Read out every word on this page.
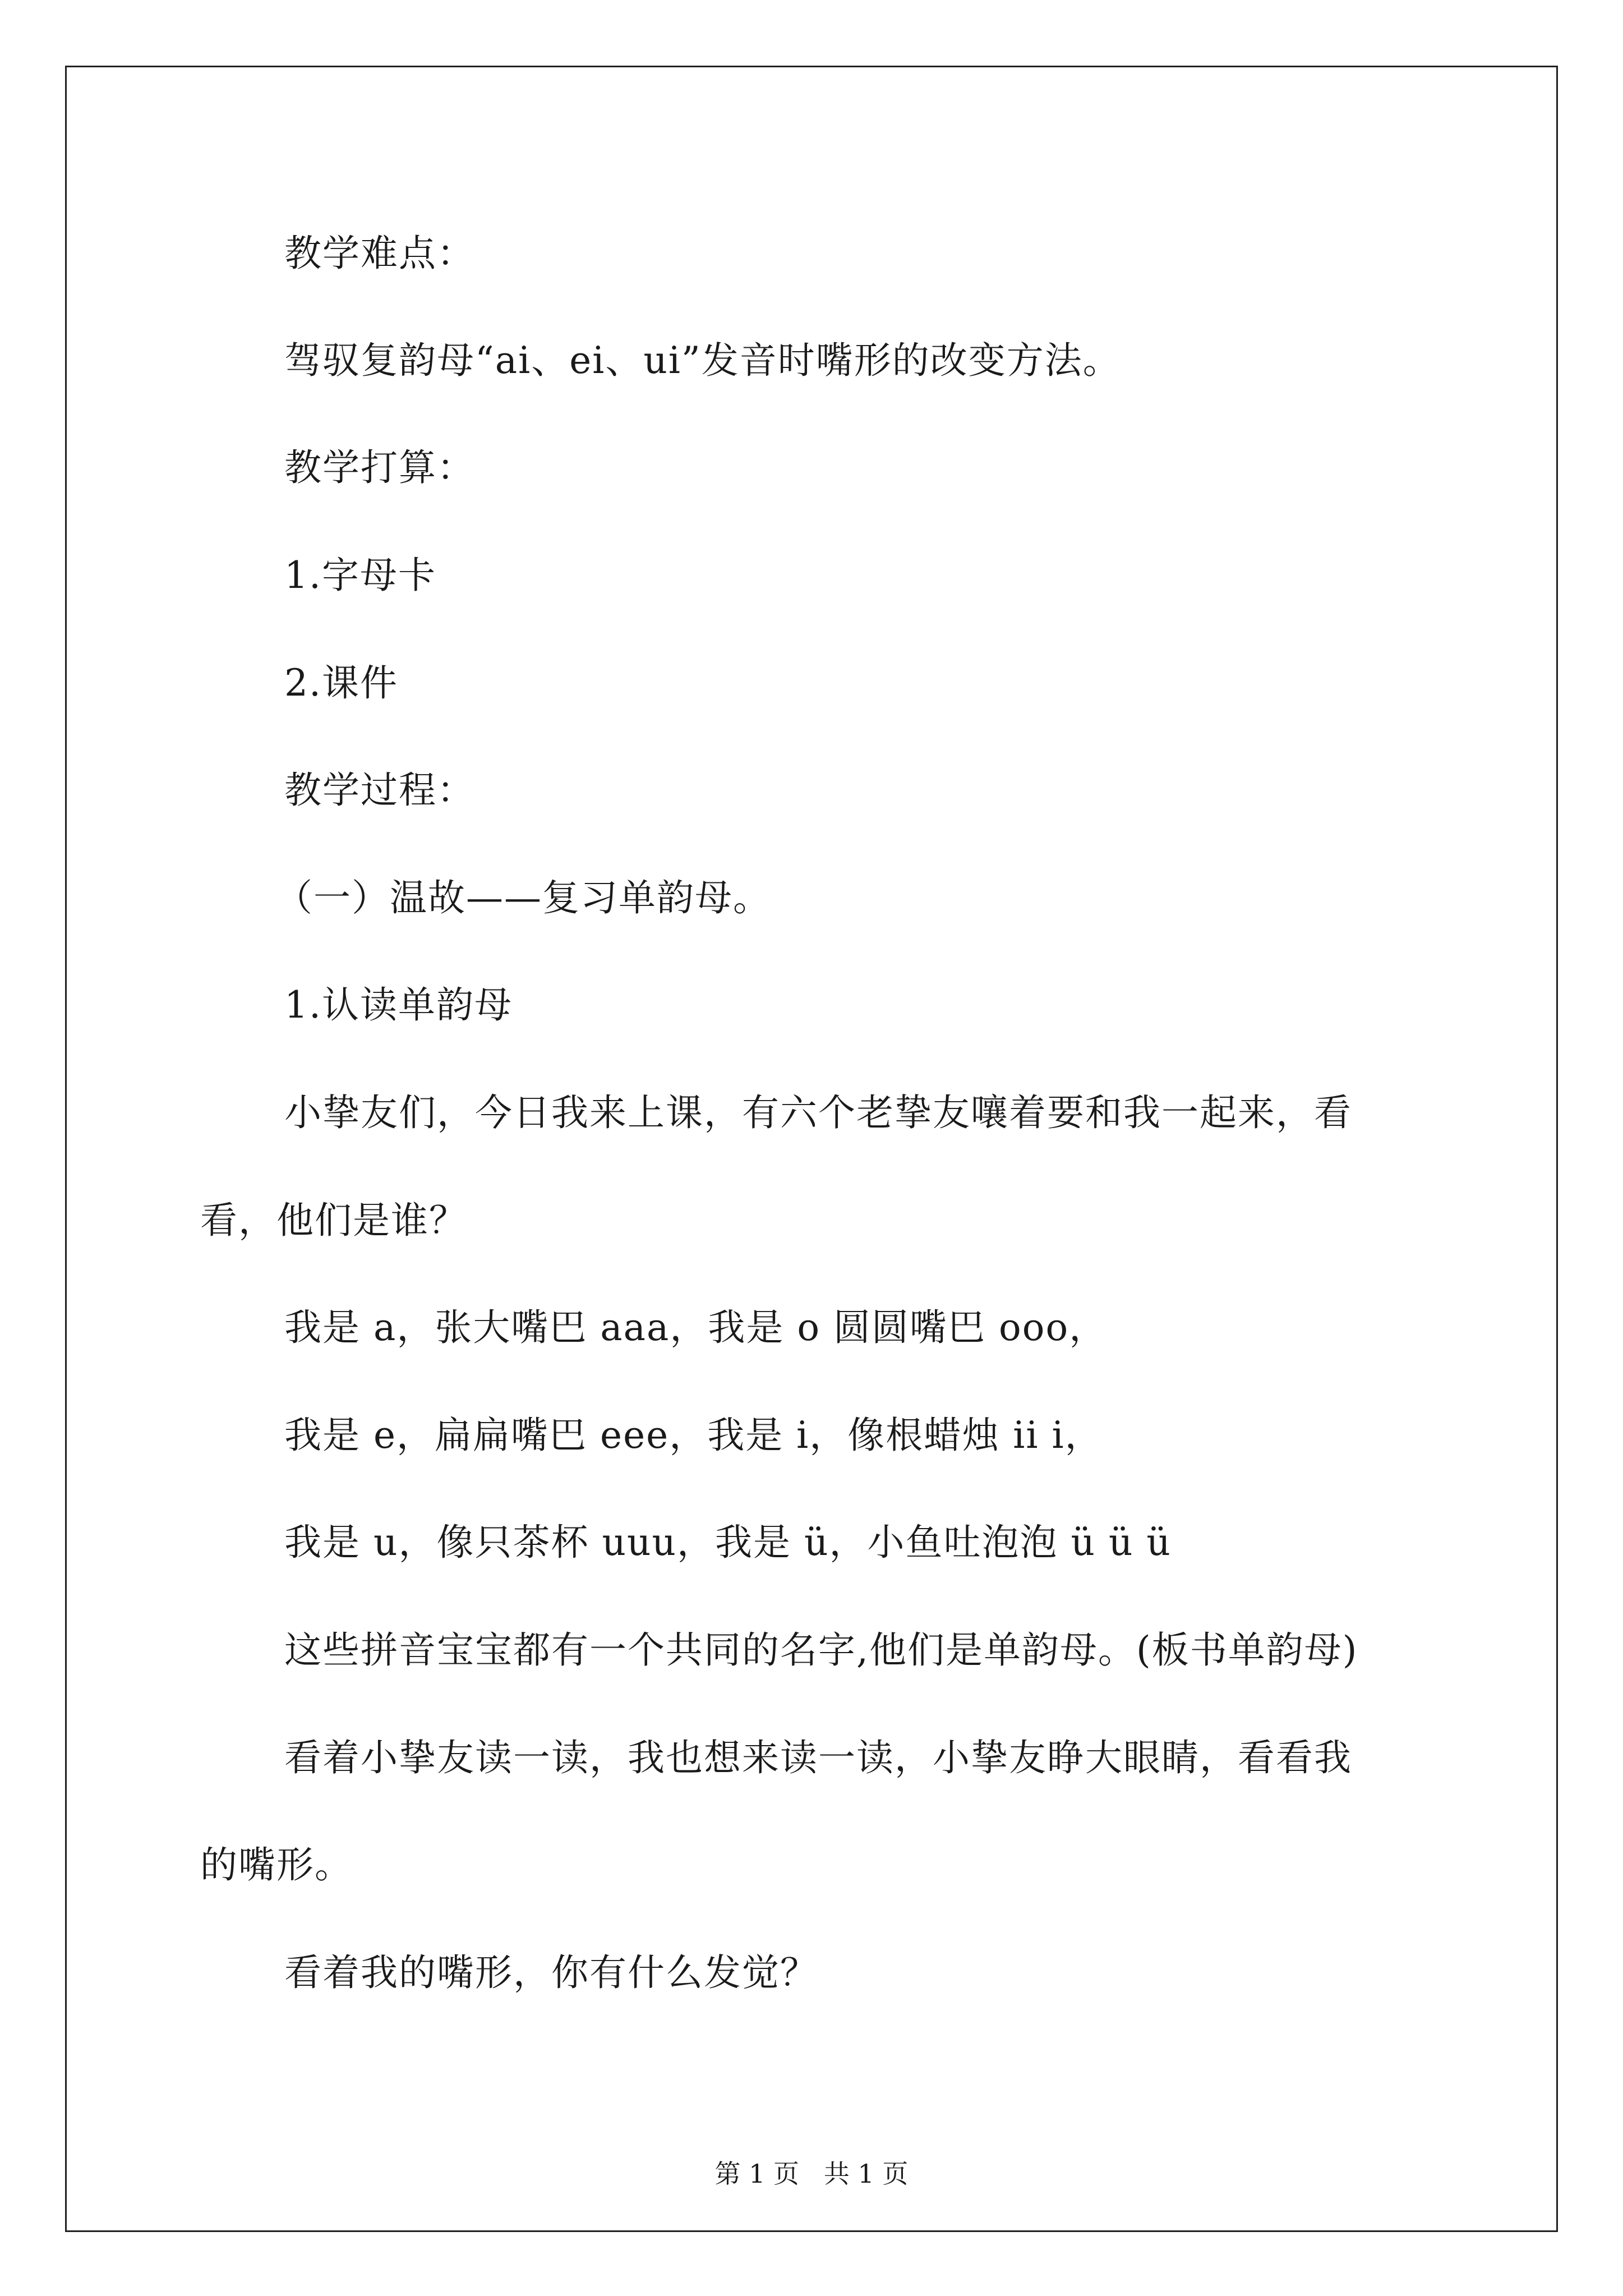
教学难点：
驾驭复韵母“ai、ei、ui”发音时嘴形的改变方法。
教学打算：
1.字母卡
2.课件
教学过程：
（一）温故——复习单韵母。
1.认读单韵母
小挚友们，今日我来上课，有六个老挚友嚷着要和我一起来，看
看，他们是谁？
我是 a，张大嘴巴 aaa，我是 o 圆圆嘴巴 ooo，
我是 e，扁扁嘴巴 eee，我是 i，像根蜡烛 ii i，
我是 u，像只茶杯 uuu，我是 ü，小鱼吐泡泡 ü ü ü
这些拼音宝宝都有一个共同的名字,他们是单韵母。(板书单韵母)
看着小挚友读一读，我也想来读一读，小挚友睁大眼睛，看看我
的嘴形。
看着我的嘴形，你有什么发觉？
第 1 页   共 1 页
